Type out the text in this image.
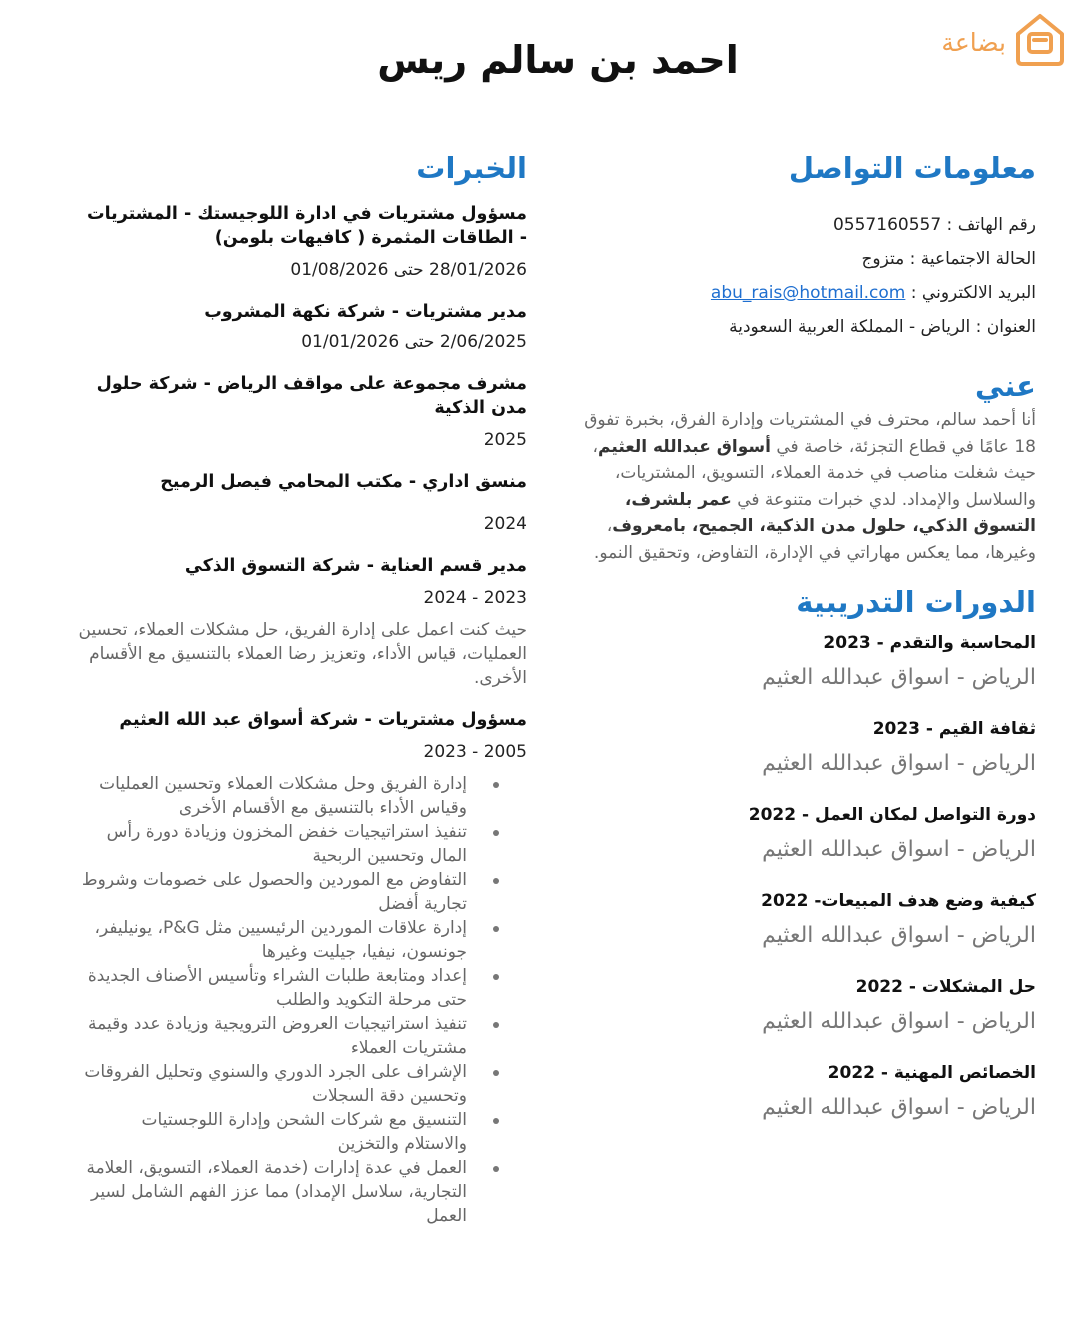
بضاعة
احمد بن سالم ريس
معلومات التواصل
رقم الهاتف : 0557160557
الحالة الاجتماعية : متزوج
البريد الالكتروني : abu_rais@hotmail.com
العنوان : الرياض - المملكة العربية السعودية
عني

أنا أحمد سالم، محترف في المشتريات وإدارة الفرق، بخبرة تفوق 18 عامًا في قطاع التجزئة، خاصة في أسواق عبدالله العثيم، حيث شغلت مناصب في خدمة العملاء، التسويق، المشتريات، والسلاسل والإمداد. لدي خبرات متنوعة في عمر بلشرف، التسوق الذكي، حلول مدن الذكية، الجميح، بامعروف، وغيرها، مما يعكس مهاراتي في الإدارة، التفاوض، وتحقيق النمو.

الدورات التدريبية
المحاسبة والتقدم - 2023
الرياض - اسواق عبدالله العثيم
ثقافة القيم - 2023
الرياض - اسواق عبدالله العثيم
دورة التواصل لمكان العمل - 2022
الرياض - اسواق عبدالله العثيم
كيفية وضع هدف المبيعات- 2022
الرياض - اسواق عبدالله العثيم
حل المشكلات - 2022
الرياض - اسواق عبدالله العثيم
الخصائص المهنية - 2022
الرياض - اسواق عبدالله العثيم
الخبرات
مسؤول مشتريات في ادارة اللوجيستك - المشتريات - الطاقات المثمرة ( كافيهات بلومن)
28/01/2026 حتى 01/08/2026
مدير مشتريات - شركة نكهة المشروب
2/06/2025 حتى 01/01/2026
مشرف مجموعة على مواقف الرياض - شركة حلول مدن الذكية
2025
منسق اداري - مكتب المحامي فيصل الرميح
2024
مدير قسم العناية - شركة التسوق الذكي
2023 - 2024
حيث كنت اعمل على إدارة الفريق، حل مشكلات العملاء، تحسين العمليات، قياس الأداء، وتعزيز رضا العملاء بالتنسيق مع الأقسام الأخرى.
مسؤول مشتريات - شركة أسواق عبد الله العثيم
2005 - 2023
إدارة الفريق وحل مشكلات العملاء وتحسين العمليات وقياس الأداء بالتنسيق مع الأقسام الأخرى
تنفيذ استراتيجيات خفض المخزون وزيادة دورة رأس المال وتحسين الربحية
التفاوض مع الموردين والحصول على خصومات وشروط تجارية أفضل
إدارة علاقات الموردين الرئيسيين مثل P&G، يونيليفر، جونسون، نيفيا، جيليت وغيرها
إعداد ومتابعة طلبات الشراء وتأسيس الأصناف الجديدة حتى مرحلة التكويد والطلب
تنفيذ استراتيجيات العروض الترويجية وزيادة عدد وقيمة مشتريات العملاء
الإشراف على الجرد الدوري والسنوي وتحليل الفروقات وتحسين دقة السجلات
التنسيق مع شركات الشحن وإدارة اللوجستيات والاستلام والتخزين
العمل في عدة إدارات (خدمة العملاء، التسويق، العلامة التجارية، سلاسل الإمداد) مما عزز الفهم الشامل لسير العمل
